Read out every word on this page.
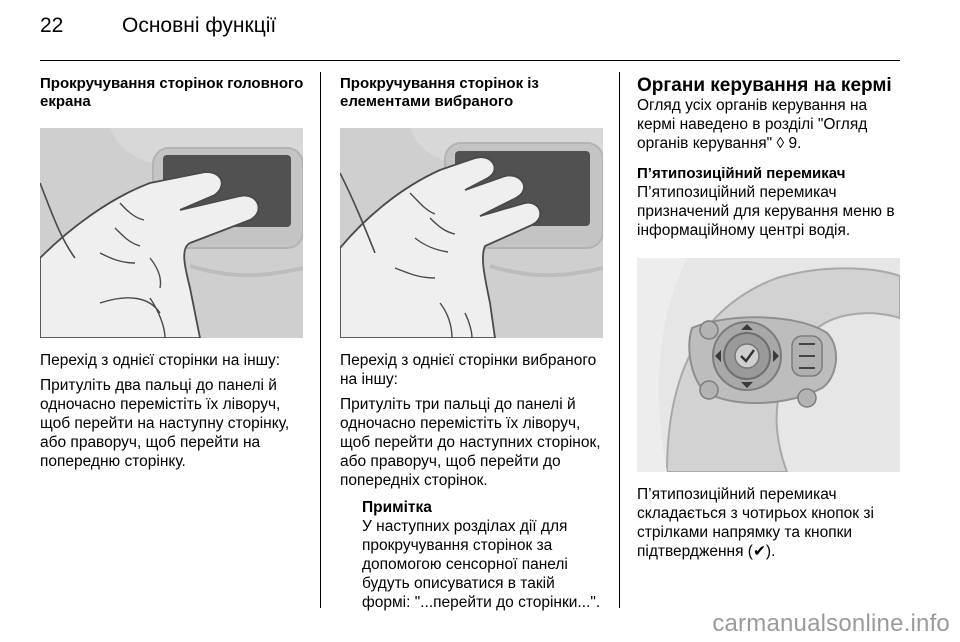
22	Основні функції

Прокручування сторінок головного екрана

Перехід з однієї сторінки на іншу:

Притуліть два пальці до панелі й одночасно перемістіть їх ліворуч, щоб перейти на наступну сторінку, або праворуч, щоб перейти на попередню сторінку.

Прокручування сторінок із елементами вибраного

Перехід з однієї сторінки вибраного на іншу:

Притуліть три пальці до панелі й одночасно перемістіть їх ліворуч, щоб перейти до наступних сторінок, або праворуч, щоб перейти до попередніх сторінок.

Примітка

У наступних розділах дії для прокручування сторінок за допомогою сенсорної панелі будуть описуватися в такій формі: "...перейти до сторінки...".

Органи керування на кермі

Огляд усіх органів керування на кермі наведено в розділі "Огляд органів керування" ◊ 9.

П’ятипозиційний перемикач

П’ятипозиційний перемикач призначений для керування меню в інформаційному центрі водія.

П’ятипозиційний перемикач складається з чотирьох кнопок зі стрілками напрямку та кнопки підтвердження (✔).

carmanualsonline.info
